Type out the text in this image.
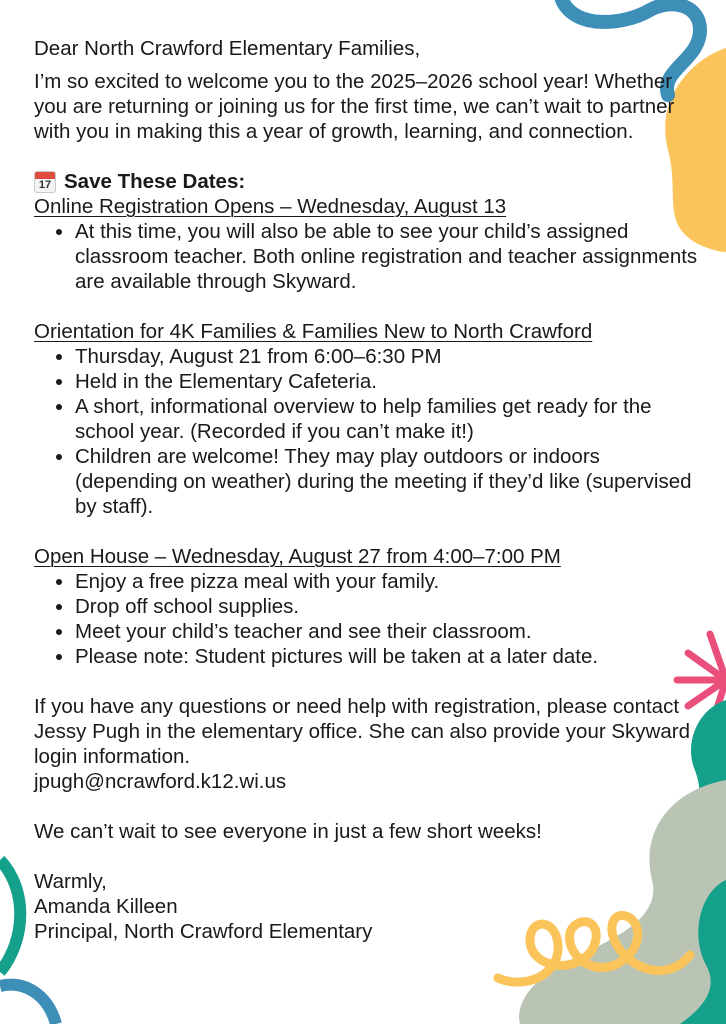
Dear North Crawford Elementary Families,

I’m so excited to welcome you to the 2025–2026 school year! Whether you are returning or joining us for the first time, we can’t wait to partner with you in making this a year of growth, learning, and connection.

17 Save These Dates:

Online Registration Opens – Wednesday, August 13

• At this time, you will also be able to see your child’s assigned classroom teacher. Both online registration and teacher assignments are available through Skyward.

Orientation for 4K Families & Families New to North Crawford

• Thursday, August 21 from 6:00–6:30 PM
• Held in the Elementary Cafeteria.
• A short, informational overview to help families get ready for the school year. (Recorded if you can’t make it!)
• Children are welcome! They may play outdoors or indoors (depending on weather) during the meeting if they’d like (supervised by staff).

Open House – Wednesday, August 27 from 4:00–7:00 PM

• Enjoy a free pizza meal with your family.
• Drop off school supplies.
• Meet your child’s teacher and see their classroom.
• Please note: Student pictures will be taken at a later date.

If you have any questions or need help with registration, please contact Jessy Pugh in the elementary office. She can also provide your Skyward login information.

jpugh@ncrawford.k12.wi.us

We can’t wait to see everyone in just a few short weeks!

Warmly,

Amanda Killeen

Principal, North Crawford Elementary
